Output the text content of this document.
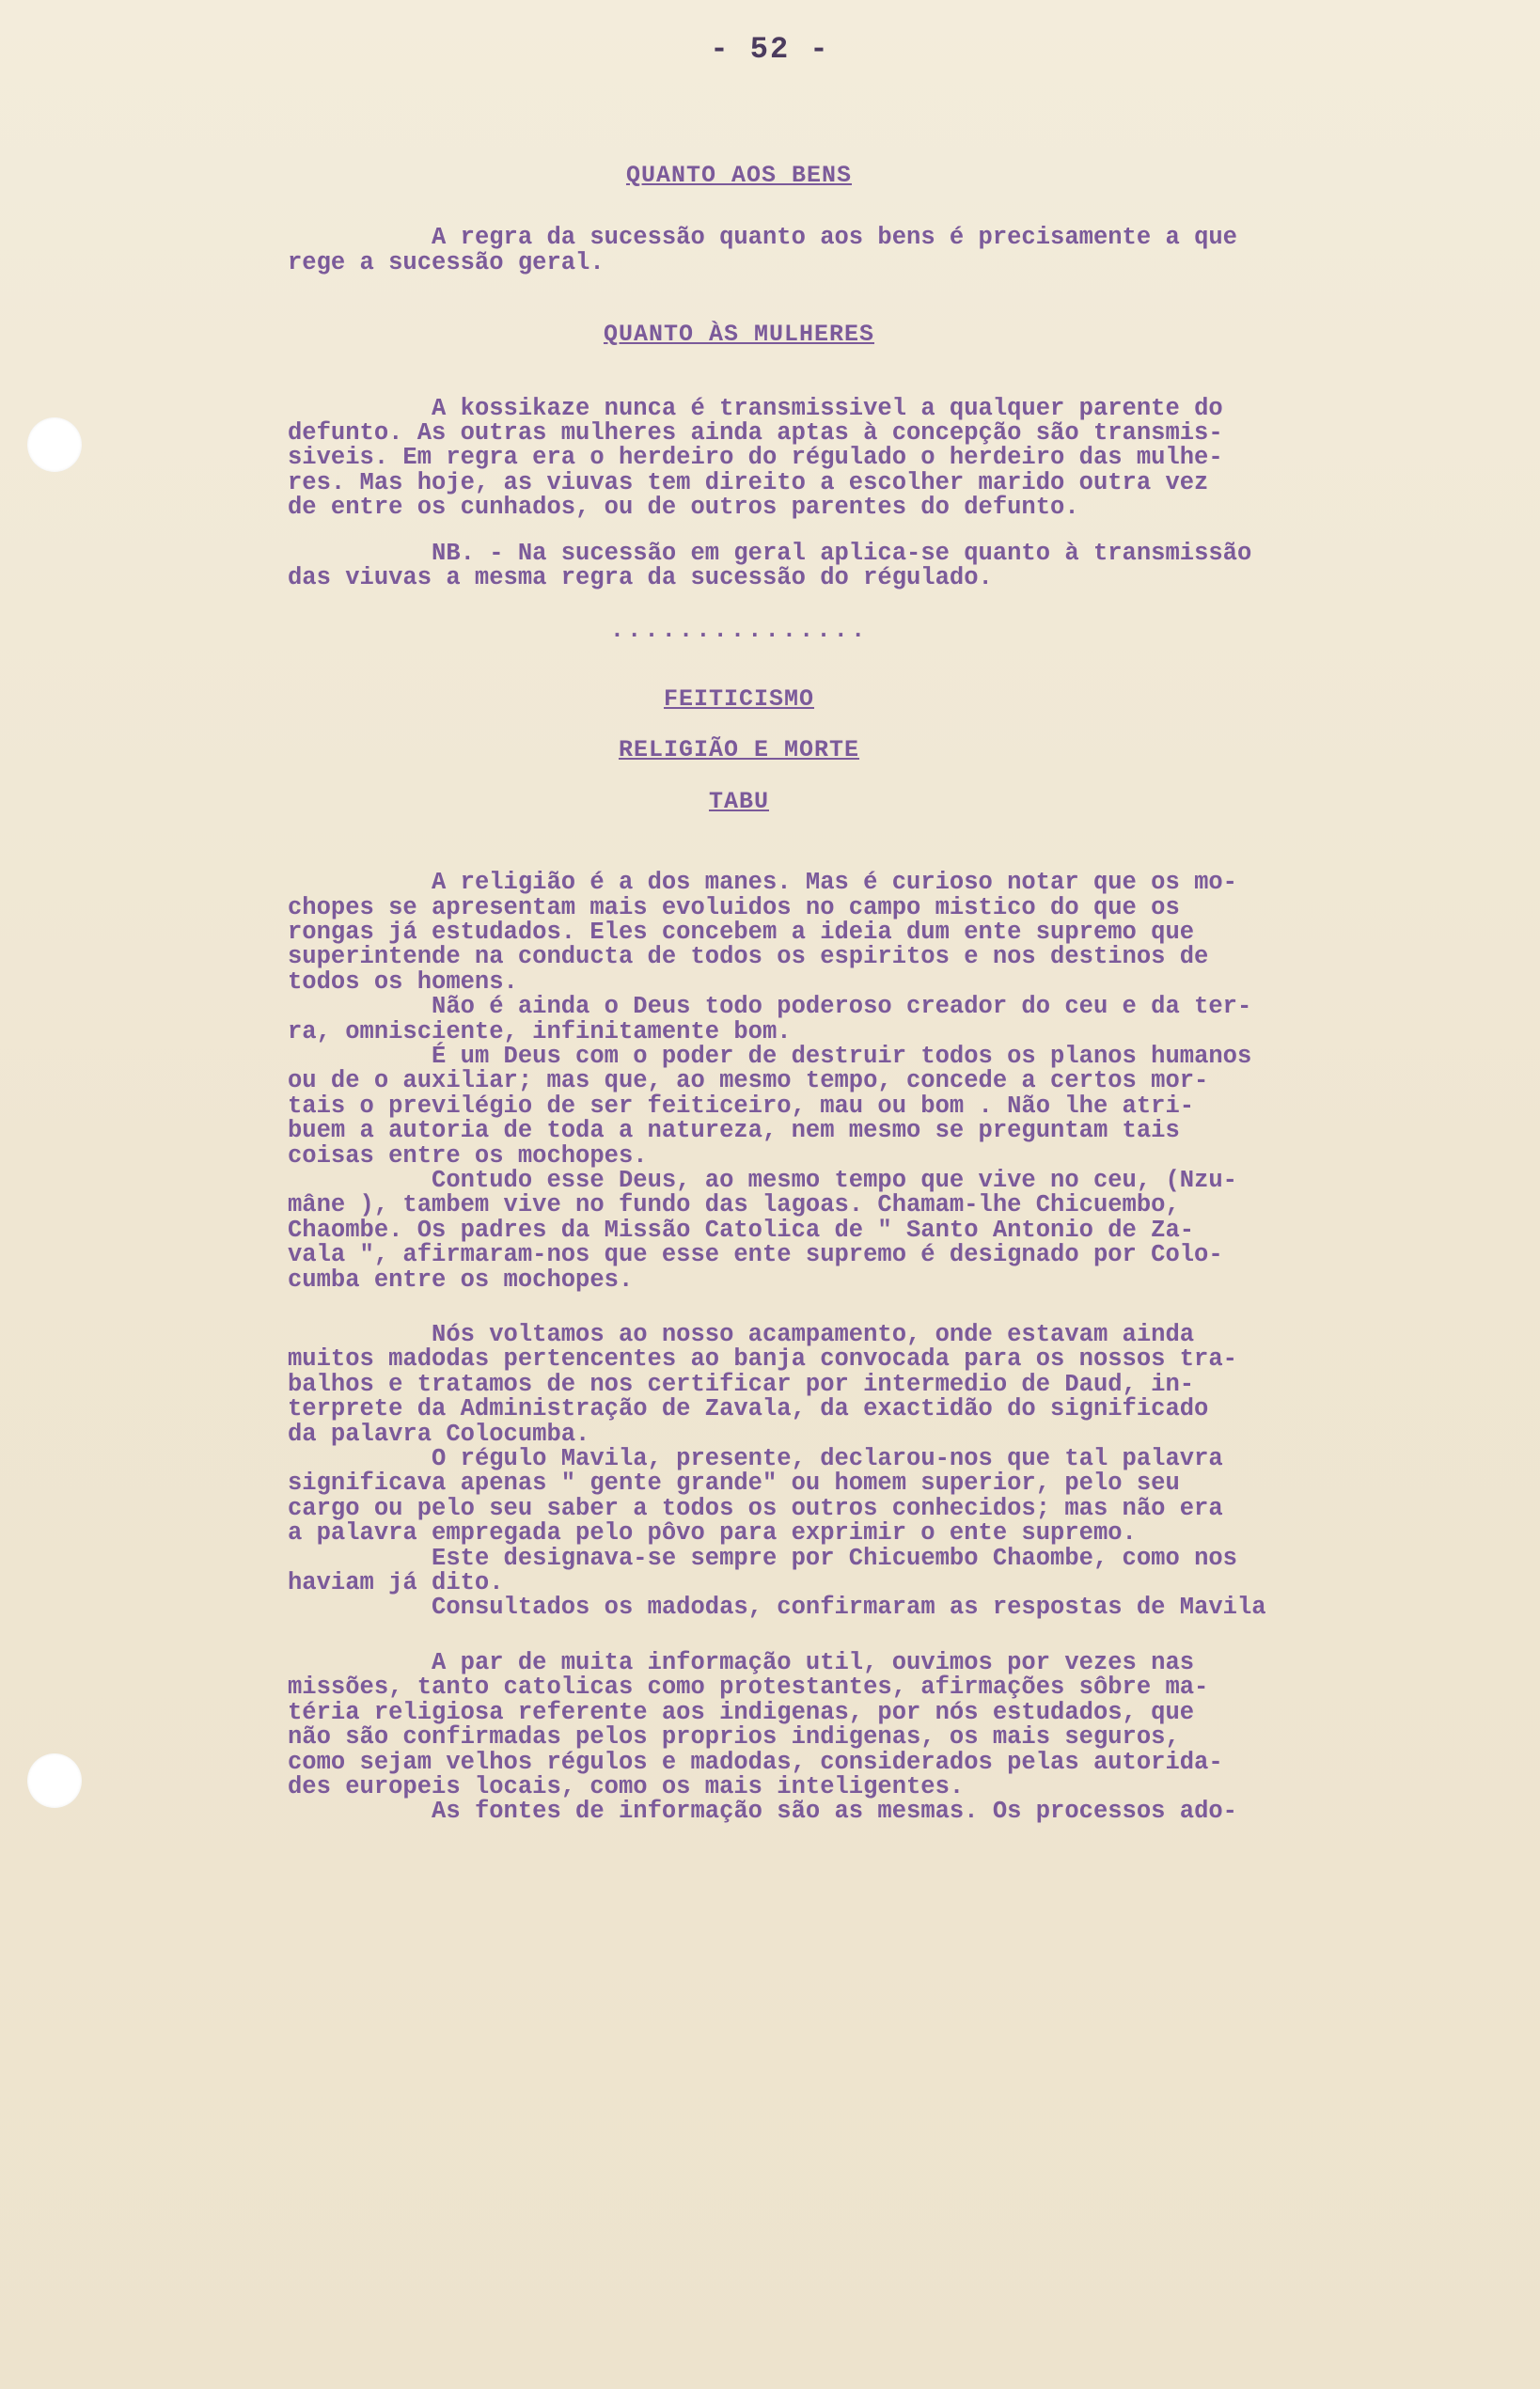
- 52 -

QUANTO AOS BENS

A regra da sucessão quanto aos bens é precisamente a que
rege a sucessão geral.

QUANTO ÀS MULHERES

A kossikaze nunca é transmissivel a qualquer parente do
defunto. As outras mulheres ainda aptas à concepção são transmis-
siveis. Em regra era o herdeiro do régulado o herdeiro das mulhe-
res. Mas hoje, as viuvas tem direito a escolher marido outra vez
de entre os cunhados, ou de outros parentes do defunto.

NB. - Na sucessão em geral aplica-se quanto à transmissão
das viuvas a mesma regra da sucessão do régulado.

...............

FEITICISMO

RELIGIÃO E MORTE

TABU

A religião é a dos manes. Mas é curioso notar que os mo-
chopes se apresentam mais evoluidos no campo mistico do que os
rongas já estudados. Eles concebem a ideia dum ente supremo que
superintende na conducta de todos os espiritos e nos destinos de
todos os homens.
Não é ainda o Deus todo poderoso creador do ceu e da ter-
ra, omnisciente, infinitamente bom.
É um Deus com o poder de destruir todos os planos humanos
ou de o auxiliar; mas que, ao mesmo tempo, concede a certos mor-
tais o previlégio de ser feiticeiro, mau ou bom . Não lhe atri-
buem a autoria de toda a natureza, nem mesmo se preguntam tais
coisas entre os mochopes.
Contudo esse Deus, ao mesmo tempo que vive no ceu, (Nzu-
mâne ), tambem vive no fundo das lagoas. Chamam-lhe Chicuembo,
Chaombe. Os padres da Missão Catolica de " Santo Antonio de Za-
vala ", afirmaram-nos que esse ente supremo é designado por Colo-
cumba entre os mochopes.

Nós voltamos ao nosso acampamento, onde estavam ainda
muitos madodas pertencentes ao banja convocada para os nossos tra-
balhos e tratamos de nos certificar por intermedio de Daud, in-
terprete da Administração de Zavala, da exactidão do significado
da palavra Colocumba.
O régulo Mavila, presente, declarou-nos que tal palavra
significava apenas " gente grande" ou homem superior, pelo seu
cargo ou pelo seu saber a todos os outros conhecidos; mas não era
a palavra empregada pelo pôvo para exprimir o ente supremo.
Este designava-se sempre por Chicuembo Chaombe, como nos
haviam já dito.
Consultados os madodas, confirmaram as respostas de Mavila

A par de muita informação util, ouvimos por vezes nas
missões, tanto catolicas como protestantes, afirmações sôbre ma-
téria religiosa referente aos indigenas, por nós estudados, que
não são confirmadas pelos proprios indigenas, os mais seguros,
como sejam velhos régulos e madodas, considerados pelas autorida-
des europeis locais, como os mais inteligentes.
As fontes de informação são as mesmas. Os processos ado-
